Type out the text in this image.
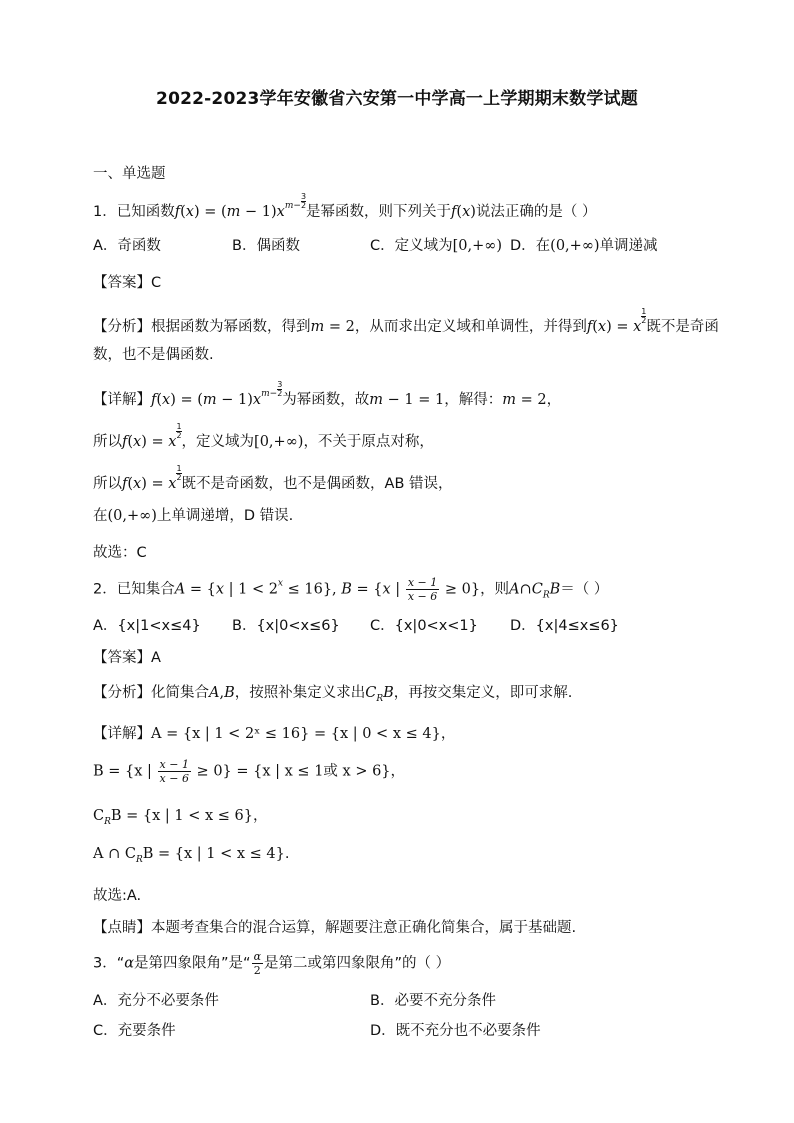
2022-2023学年安徽省六安第一中学高一上学期期末数学试题
一、单选题
1．已知函数$f(x) = (m - 1)x^{m- \frac{3}{2}}$
是幂函数，则下列关于f(x)说法正确的是（ ）
A．奇函数	B．偶函数	C．定义域为[0,+∞) D．在(0,+∞)单调递减
【答案】C
【分析】根据函数为幂函数，得到m = 2，从而求出定义域和单调性，并得到f(x) = x
$^{\frac{1}{2}}$
既不是奇函
数，也不是偶函数.
【详解】$f(x) = (m - 1)x^{m- \frac{3}{2}}$
为幂函数，故m − 1 = 1，解得：m = 2，
所以f(x) = x
$^{\frac{1}{2}}$
，定义域为[0,+∞)，不关于原点对称，
所以f(x) = x
$^{\frac{1}{2}}$
既不是奇函数，也不是偶函数，AB 错误，
在(0,+∞)上单调递增，D 错误.
故选：C
2．已知集合A = {x | $1 < 2^x \le 16$}, B = {x | $\frac{x - 1}{x - 6} \ge 0$}，则$A\cap C_RB=$（ ）
A．{x|1<x≤4} B．{x|0<x≤6} C．{x|0<x<1} D．{x|4≤x≤6}
【答案】A
【分析】化简集合A,B，按照补集定义求出$C_RB$，再按交集定义，即可求解.
【详解】A = {x | 1 < 2ˣ ≤ 16} = {x | 0 < x ≤ 4}，
B = {x | $\frac{x - 1}{x - 6} \ge 0\} = \{x$ | x ≤ 1或 x > 6}，
$C_RB = \{x$ | 1 < x ≤ 6}，
A ∩ $C_RB = \{x$ | 1 < x ≤ 4}.
故选:A.
【点睛】本题考查集合的混合运算，解题要注意正确化简集合，属于基础题.
3．“α是第四象限角”是“ $\frac{\alpha}{2}$ 是第二或第四象限角”的（ ）
A．充分不必要条件	B．必要不充分条件
C．充要条件	D．既不充分也不必要条件
